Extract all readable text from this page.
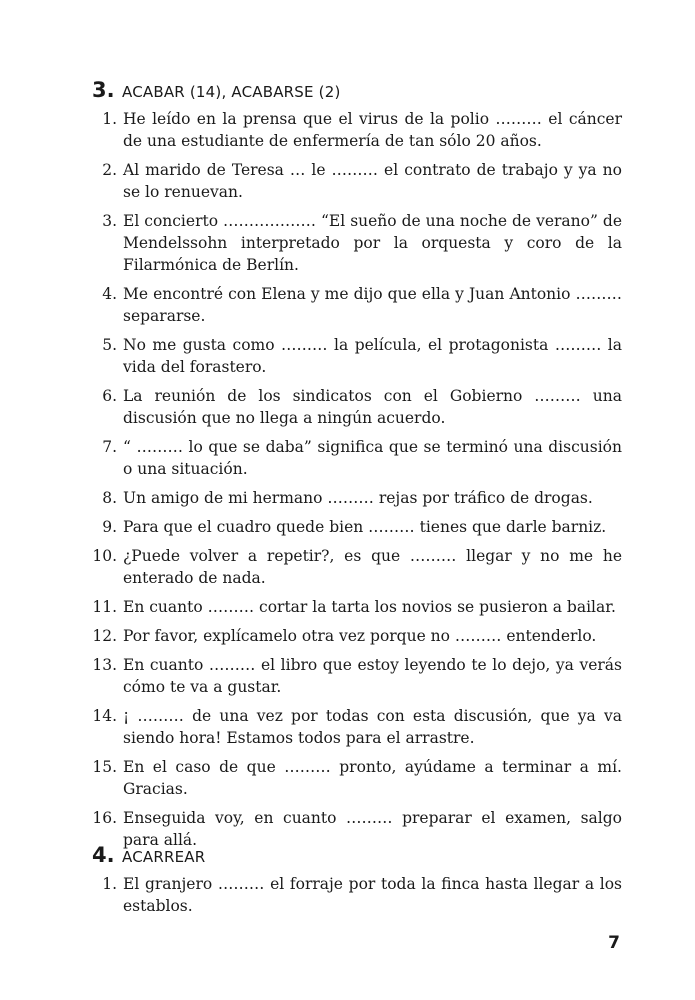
3. ACABAR (14), ACABARSE (2)
1. He leído en la prensa que el virus de la polio ……… el cáncer de una estudiante de enfermería de tan sólo 20 años.
2. Al marido de Teresa … le ……… el contrato de trabajo y ya no se lo renuevan.
3. El concierto ……………… “El sueño de una noche de verano” de Mendelssohn interpretado por la orquesta y coro de la Filarmónica de Berlín.
4. Me encontré con Elena y me dijo que ella y Juan Antonio ……… separarse.
5. No me gusta como ……… la película, el protagonista ……… la vida del forastero.
6. La reunión de los sindicatos con el Gobierno ……… una discusión que no llega a ningún acuerdo.
7. “ ……… lo que se daba” significa que se terminó una discusión o una situación.
8. Un amigo de mi hermano ……… rejas por tráfico de drogas.
9. Para que el cuadro quede bien ……… tienes que darle barniz.
10. ¿Puede volver a repetir?, es que ……… llegar y no me he enterado de nada.
11. En cuanto ……… cortar la tarta los novios se pusieron a bailar.
12. Por favor, explícamelo otra vez porque no ……… entenderlo.
13. En cuanto ……… el libro que estoy leyendo te lo dejo, ya verás cómo te va a gustar.
14. ¡ ……… de una vez por todas con esta discusión, que ya va siendo hora! Estamos todos para el arrastre.
15. En el caso de que ……… pronto, ayúdame a terminar a mí. Gracias.
16. Enseguida voy, en cuanto ……… preparar el examen, salgo para allá.
4. ACARREAR
1. El granjero ……… el forraje por toda la finca hasta llegar a los establos.
7
